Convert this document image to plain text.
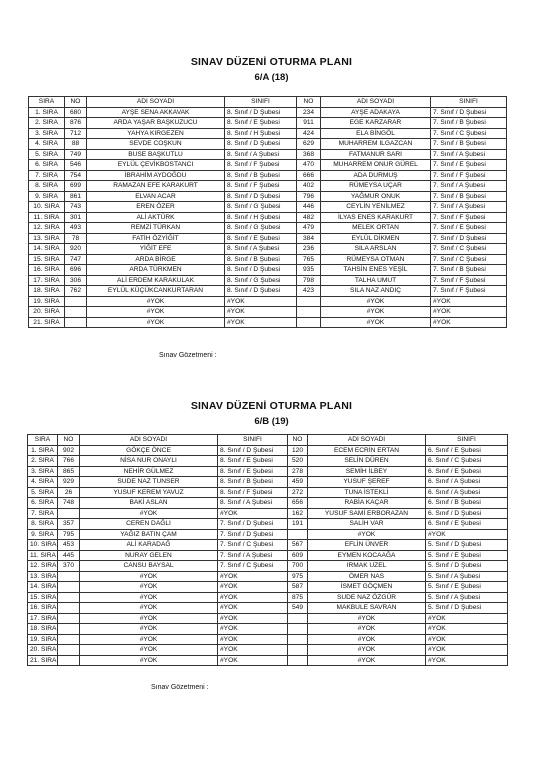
SINAV DÜZENİ OTURMA PLANI
6/A (18)
SIRA	NO	ADI SOYADI	SINIFI	NO	ADI SOYADI	SINIFI
1. SIRA	680	AYŞE SENA AKKAVAK	8. Sınıf / D Şubesi	234	AYŞE ADAKAYA	7. Sınıf / D Şubesi
2. SIRA	876	ARDA YAŞAR BAŞKUZUCU	8. Sınıf / E Şubesi	911	EGE KARZARAR	7. Sınıf / B Şubesi
3. SIRA	712	YAHYA KIRGEZEN	8. Sınıf / H Şubesi	424	ELA BİNGÖL	7. Sınıf / C Şubesi
4. SIRA	88	SEVDE COŞKUN	8. Sınıf / D Şubesi	629	MUHARREM ILGAZCAN	7. Sınıf / B Şubesi
5. SIRA	749	BUSE BAŞKUTLU	8. Sınıf / A Şubesi	368	FATMANUR SARI	7. Sınıf / A Şubesi
6. SIRA	546	EYLÜL ÇEVİKBOSTANCI	8. Sınıf / F Şubesi	470	MUHARREM ONUR GÜREL	7. Sınıf / E Şubesi
7. SIRA	754	İBRAHİM AYDOĞDU	8. Sınıf / B Şubesi	666	ADA DURMUŞ	7. Sınıf / F Şubesi
8. SIRA	699	RAMAZAN EFE KARAKURT	8. Sınıf / F Şubesi	402	RÜMEYSA UÇAR	7. Sınıf / A Şubesi
9. SIRA	861	ELVAN ACAR	8. Sınıf / D Şubesi	796	YAĞMUR ONUK	7. Sınıf / B Şubesi
10. SIRA	743	EREN ÖZER	8. Sınıf / G Şubesi	446	CEYLİN YENİLMEZ	7. Sınıf / A Şubesi
11. SIRA	301	ALİ AKTÜRK	8. Sınıf / H Şubesi	482	İLYAS ENES KARAKURT	7. Sınıf / F Şubesi
12. SIRA	493	REMZİ TÜRKAN	8. Sınıf / G Şubesi	479	MELEK ORTAN	7. Sınıf / E Şubesi
13. SIRA	78	FATİH ÖZYİĞİT	8. Sınıf / E Şubesi	384	EYLÜL DİKMEN	7. Sınıf / D Şubesi
14. SIRA	920	YİĞİT EFE	8. Sınıf / A Şubesi	236	SILA ARSLAN	7. Sınıf / C Şubesi
15. SIRA	747	ARDA BİRGE	8. Sınıf / B Şubesi	765	RÜMEYSA OTMAN	7. Sınıf / C Şubesi
16. SIRA	696	ARDA TÜRKMEN	8. Sınıf / D Şubesi	935	TAHSİN ENES YEŞİL	7. Sınıf / B Şubesi
17. SIRA	306	ALİ ERDEM KARAKULAK	8. Sınıf / G Şubesi	798	TALHA UMUT	7. Sınıf / F Şubesi
18. SIRA	762	EYLÜL KÜÇÜKCANKURTARAN	8. Sınıf / D Şubesi	423	SILA NAZ ANDIÇ	7. Sınıf / F Şubesi
19. SIRA		#YOK	#YOK		#YOK	#YOK
20. SIRA		#YOK	#YOK		#YOK	#YOK
21. SIRA		#YOK	#YOK		#YOK	#YOK
Sınav Gözetmeni :
SINAV DÜZENİ OTURMA PLANI
6/B (19)
SIRA	NO	ADI SOYADI	SINIFI	NO	ADI SOYADI	SINIFI
1. SIRA	902	GÖKÇE ÖNCE	8. Sınıf / D Şubesi	120	ECEM ECRİN ERTAN	6. Sınıf / E Şubesi
2. SIRA	766	NİSA NUR ONAYLI	8. Sınıf / E Şubesi	520	SELİN DÜREN	6. Sınıf / C Şubesi
3. SIRA	865	NEHİR GÜLMEZ	8. Sınıf / E Şubesi	278	SEMİH İLBEY	6. Sınıf / E Şubesi
4. SIRA	929	SUDE NAZ TUNSER	8. Sınıf / B Şubesi	459	YUSUF ŞEREF	6. Sınıf / A Şubesi
5. SIRA	26	YUSUF KEREM YAVUZ	8. Sınıf / F Şubesi	272	TUNA İSTEKLİ	6. Sınıf / A Şubesi
6. SIRA	748	BAKİ ASLAN	8. Sınıf / A Şubesi	656	RABİA KAÇAR	6. Sınıf / B Şubesi
7. SIRA		#YOK	#YOK	162	YUSUF SAMİ ERBORAZAN	6. Sınıf / D Şubesi
8. SIRA	357	CEREN DAĞLI	7. Sınıf / D Şubesi	191	SALİH VAR	6. Sınıf / E Şubesi
9. SIRA	795	YAĞIZ BATIN ÇAM	7. Sınıf / D Şubesi		#YOK	#YOK
10. SIRA	453	ALİ KARADAĞ	7. Sınıf / C Şubesi	567	EFLİN ÜNVER	5. Sınıf / D Şubesi
11. SIRA	445	NURAY GELEN	7. Sınıf / A Şubesi	609	EYMEN KOCAAĞA	5. Sınıf / E Şubesi
12. SIRA	370	CANSU BAYSAL	7. Sınıf / C Şubesi	700	IRMAK UZEL	5. Sınıf / D Şubesi
13. SIRA		#YOK	#YOK	975	ÖMER NAS	5. Sınıf / A Şubesi
14. SIRA		#YOK	#YOK	587	İSMET GÖÇMEN	5. Sınıf / E Şubesi
15. SIRA		#YOK	#YOK	875	SUDE NAZ ÖZGÜR	5. Sınıf / A Şubesi
16. SIRA		#YOK	#YOK	549	MAKBULE SAVRAN	5. Sınıf / D Şubesi
17. SIRA		#YOK	#YOK		#YOK	#YOK
18. SIRA		#YOK	#YOK		#YOK	#YOK
19. SIRA		#YOK	#YOK		#YOK	#YOK
20. SIRA		#YOK	#YOK		#YOK	#YOK
21. SIRA		#YOK	#YOK		#YOK	#YOK
Sınav Gözetmeni :
